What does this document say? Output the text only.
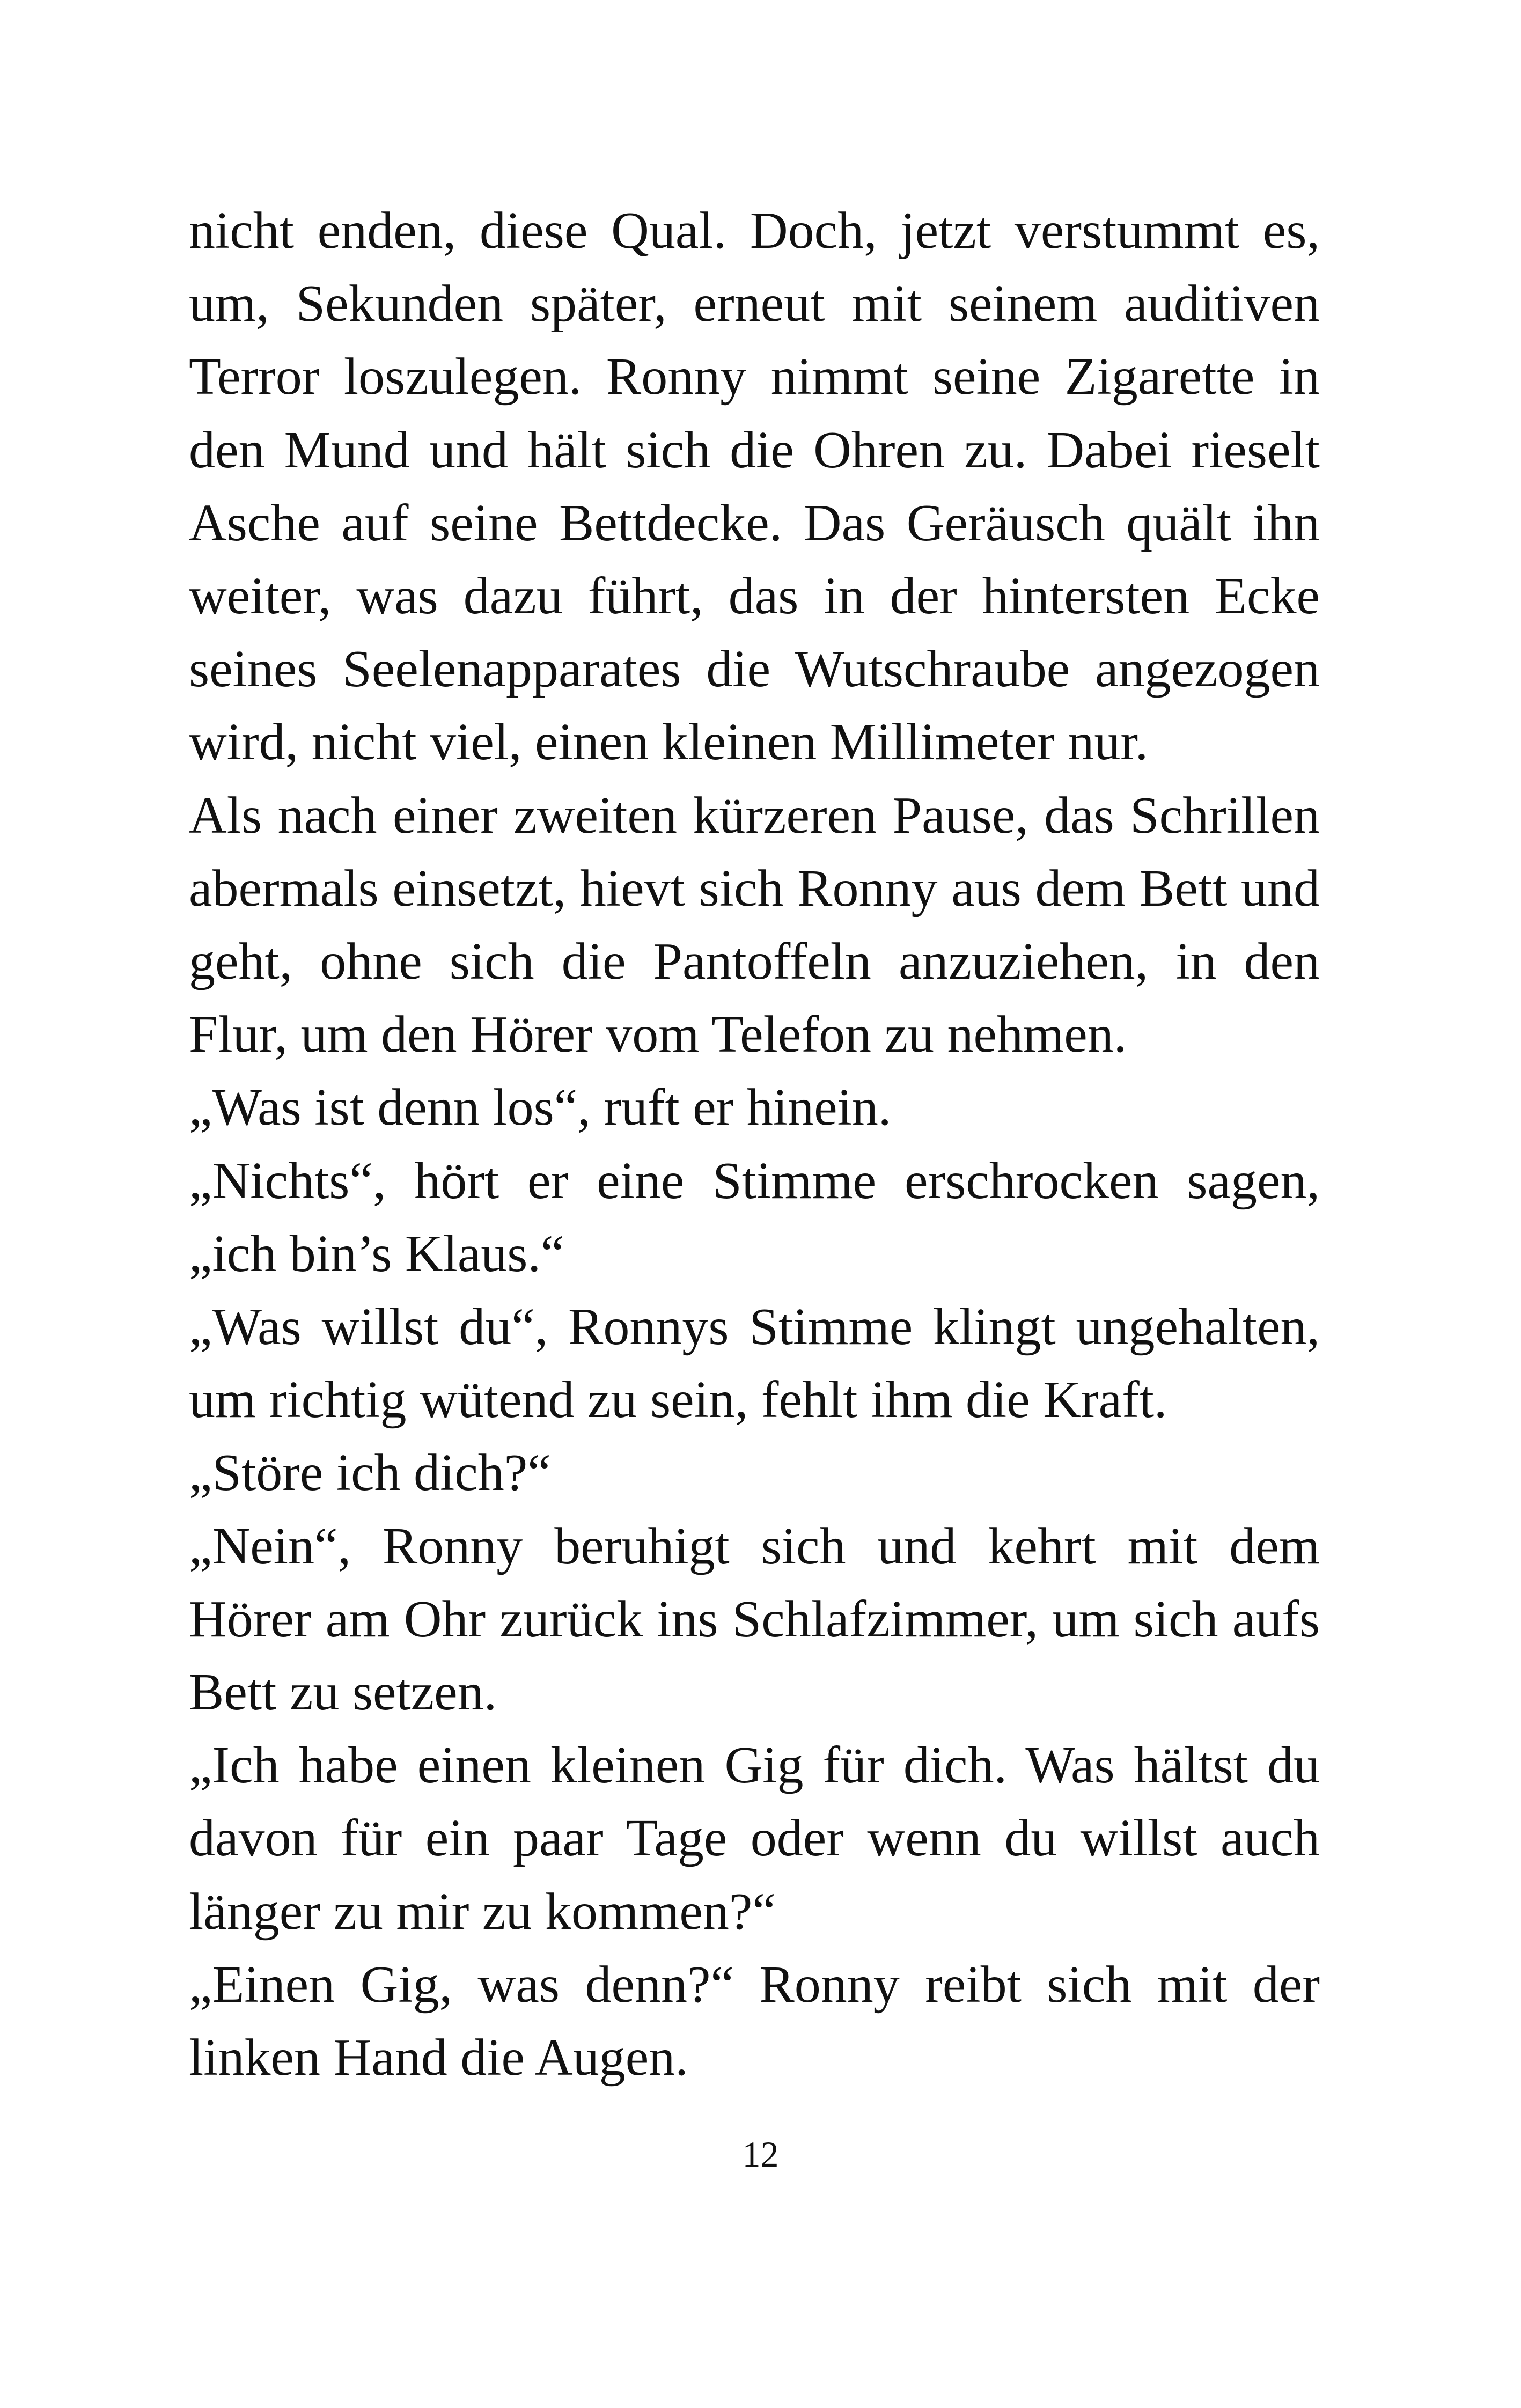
nicht enden, diese Qual. Doch, jetzt verstummt es, um, Sekunden später, erneut mit seinem auditiven Terror loszulegen. Ronny nimmt seine Zigarette in den Mund und hält sich die Ohren zu. Dabei rieselt Asche auf seine Bettdecke. Das Geräusch quält ihn weiter, was dazu führt, das in der hintersten Ecke seines Seelenapparates die Wutschraube angezogen wird, nicht viel, einen kleinen Millimeter nur.

Als nach einer zweiten kürzeren Pause, das Schrillen abermals einsetzt, hievt sich Ronny aus dem Bett und geht, ohne sich die Pantoffeln anzuziehen, in den Flur, um den Hörer vom Telefon zu nehmen.

„Was ist denn los“, ruft er hinein.

„Nichts“, hört er eine Stimme erschrocken sagen, „ich bin’s Klaus.“

„Was willst du“, Ronnys Stimme klingt ungehalten, um richtig wütend zu sein, fehlt ihm die Kraft.

„Störe ich dich?“

„Nein“, Ronny beruhigt sich und kehrt mit dem Hörer am Ohr zurück ins Schlafzimmer, um sich aufs Bett zu setzen.

„Ich habe einen kleinen Gig für dich. Was hältst du davon für ein paar Tage oder wenn du willst auch länger zu mir zu kommen?“

„Einen Gig, was denn?“ Ronny reibt sich mit der linken Hand die Augen.

12
